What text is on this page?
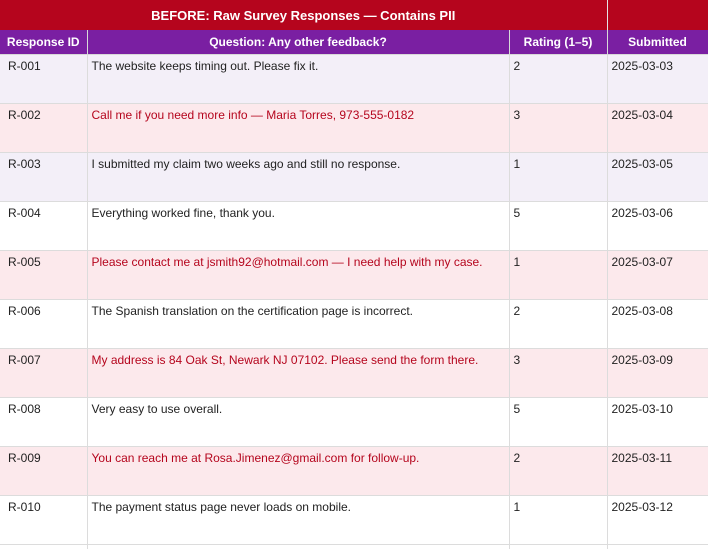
BEFORE: Raw Survey Responses — Contains PII			
Response ID	Question: Any other feedback?	Rating (1–5)	Submitted
R-001	The website keeps timing out. Please fix it.	2	2025-03-03
R-002	Call me if you need more info — Maria Torres, 973-555-0182	3	2025-03-04
R-003	I submitted my claim two weeks ago and still no response.	1	2025-03-05
R-004	Everything worked fine, thank you.	5	2025-03-06
R-005	Please contact me at jsmith92@hotmail.com — I need help with my case.	1	2025-03-07
R-006	The Spanish translation on the certification page is incorrect.	2	2025-03-08
R-007	My address is 84 Oak St, Newark NJ 07102. Please send the form there.	3	2025-03-09
R-008	Very easy to use overall.	5	2025-03-10
R-009	You can reach me at Rosa.Jimenez@gmail.com for follow-up.	2	2025-03-11
R-010	The payment status page never loads on mobile.	1	2025-03-12
